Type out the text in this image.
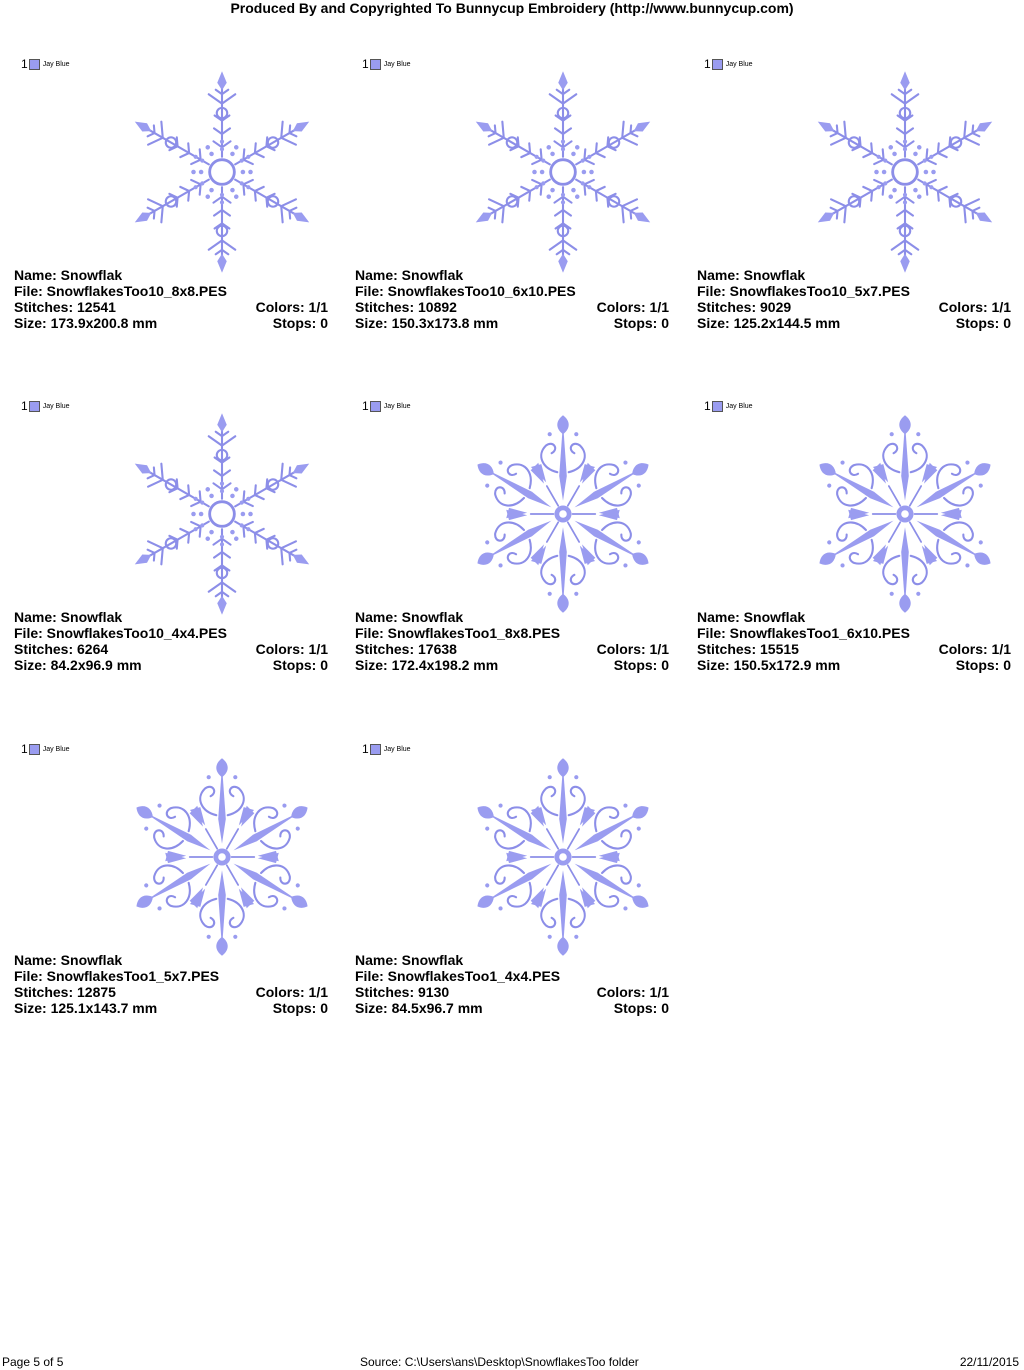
Produced By and Copyrighted To Bunnycup Embroidery (http://www.bunnycup.com)
1 Jay Blue
Name: Snowflak
File: SnowflakesToo10_8x8.PES
Stitches: 12541	Colors: 1/1
Size: 173.9x200.8 mm	Stops: 0
1 Jay Blue
Name: Snowflak
File: SnowflakesToo10_6x10.PES
Stitches: 10892	Colors: 1/1
Size: 150.3x173.8 mm	Stops: 0
1 Jay Blue
Name: Snowflak
File: SnowflakesToo10_5x7.PES
Stitches: 9029	Colors: 1/1
Size: 125.2x144.5 mm	Stops: 0
1 Jay Blue
Name: Snowflak
File: SnowflakesToo10_4x4.PES
Stitches: 6264	Colors: 1/1
Size: 84.2x96.9 mm	Stops: 0
1 Jay Blue
Name: Snowflak
File: SnowflakesToo1_8x8.PES
Stitches: 17638	Colors: 1/1
Size: 172.4x198.2 mm	Stops: 0
1 Jay Blue
Name: Snowflak
File: SnowflakesToo1_6x10.PES
Stitches: 15515	Colors: 1/1
Size: 150.5x172.9 mm	Stops: 0
1 Jay Blue
Name: Snowflak
File: SnowflakesToo1_5x7.PES
Stitches: 12875	Colors: 1/1
Size: 125.1x143.7 mm	Stops: 0
1 Jay Blue
Name: Snowflak
File: SnowflakesToo1_4x4.PES
Stitches: 9130	Colors: 1/1
Size: 84.5x96.7 mm	Stops: 0
Page 5 of 5	Source: C:\Users\ans\Desktop\SnowflakesToo folder	22/11/2015
